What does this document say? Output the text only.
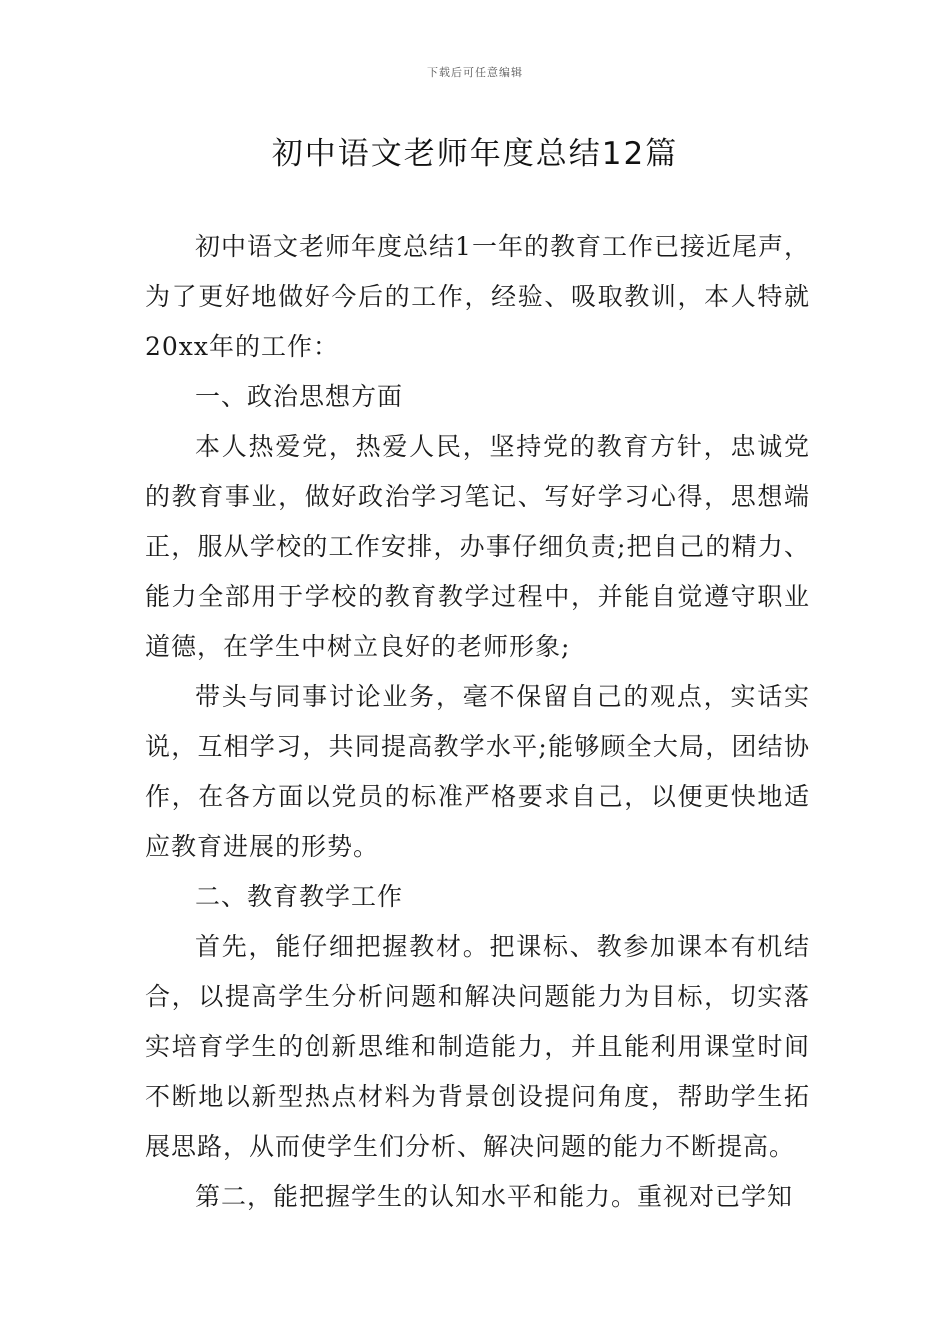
下载后可任意编辑
初中语文老师年度总结12篇

初中语文老师年度总结1一年的教育工作已接近尾声，为了更好地做好今后的工作，经验、吸取教训，本人特就20xx年的工作：

一、政治思想方面

本人热爱党，热爱人民，坚持党的教育方针，忠诚党的教育事业，做好政治学习笔记、写好学习心得，思想端正，服从学校的工作安排，办事仔细负责;把自己的精力、能力全部用于学校的教育教学过程中，并能自觉遵守职业道德，在学生中树立良好的老师形象;

带头与同事讨论业务，毫不保留自己的观点，实话实说，互相学习，共同提高教学水平;能够顾全大局，团结协作，在各方面以党员的标准严格要求自己，以便更快地适应教育进展的形势。

二、教育教学工作

首先，能仔细把握教材。把课标、教参加课本有机结合，以提高学生分析问题和解决问题能力为目标，切实落实培育学生的创新思维和制造能力，并且能利用课堂时间不断地以新型热点材料为背景创设提问角度，帮助学生拓展思路，从而使学生们分析、解决问题的能力不断提高。

第二，能把握学生的认知水平和能力。重视对已学知
